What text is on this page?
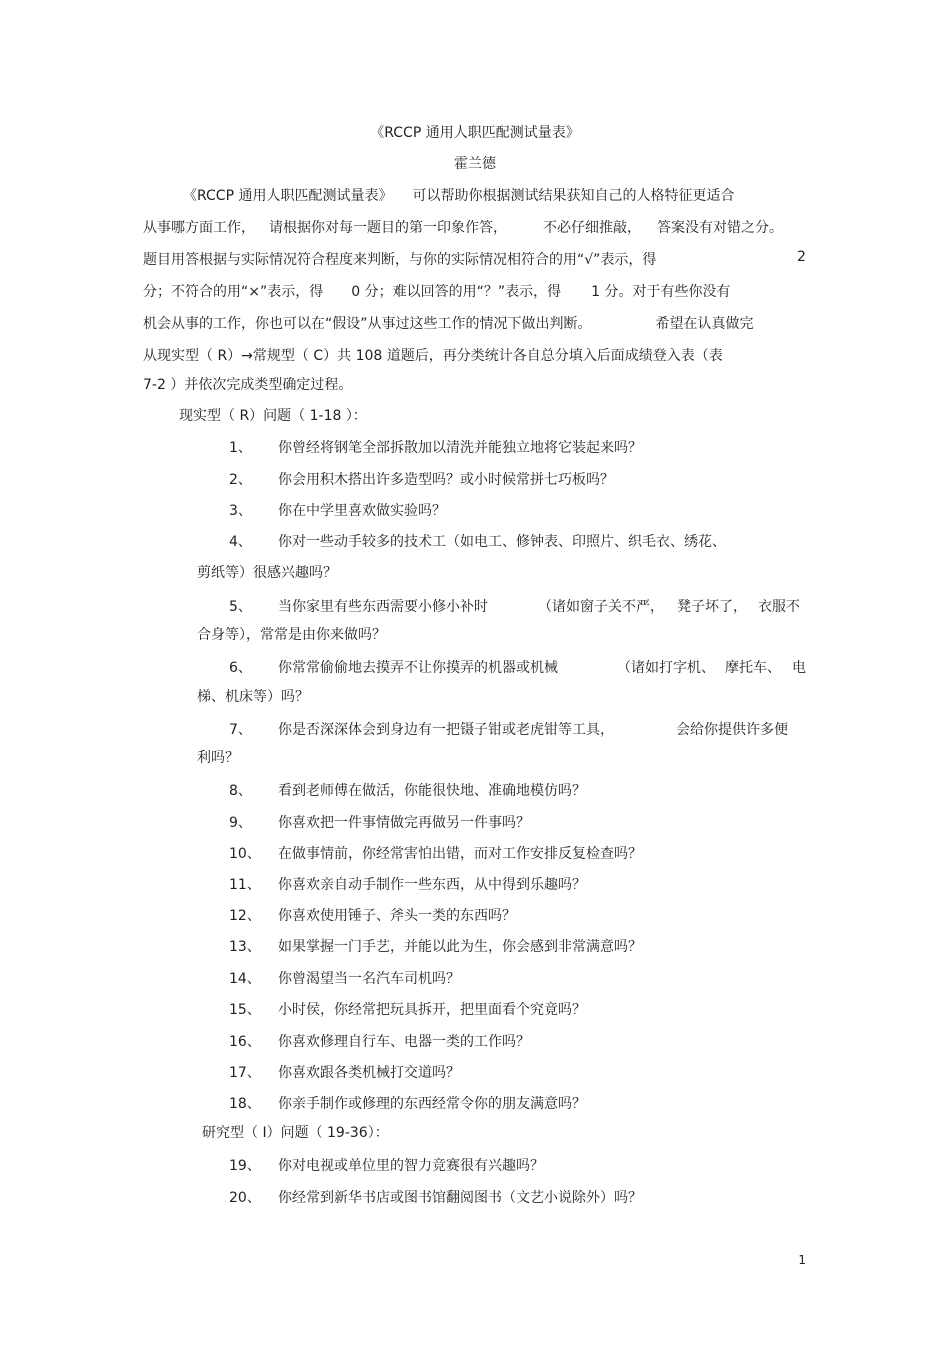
《RCCP 通用人职匹配测试量表》
霍兰德
《RCCP 通用人职匹配测试量表》 可以帮助你根据测试结果获知自己的人格特征更适合
从事哪方面工作， 请根据你对每一题目的第一印象作答，	不必仔细推敲， 答案没有对错之分。
题目用答根据与实际情况符合程度来判断，与你的实际情况相符合的用“√”表示，得	2
分；不符合的用“×”表示，得 0 分；难以回答的用“？”表示，得 1 分。对于有些你没有
机会从事的工作，你也可以在“假设”从事过这些工作的情况下做出判断。	希望在认真做完
从现实型（ R）→常规型（ C）共 108 道题后，再分类统计各自总分填入后面成绩登入表（表
7-2 ）并依次完成类型确定过程。
现实型（ R）问题（ 1-18 ）：
1、 你曾经将钢笔全部拆散加以清洗并能独立地将它装起来吗？
2、 你会用积木搭出许多造型吗？或小时候常拼七巧板吗？
3、 你在中学里喜欢做实验吗？
4、 你对一些动手较多的技术工（如电工、修钟表、印照片、织毛衣、绣花、
剪纸等）很感兴趣吗？
5、 当你家里有些东西需要小修小补时	（诸如窗子关不严， 凳子坏了， 衣服不
合身等），常常是由你来做吗？
6、 你常常偷偷地去摸弄不让你摸弄的机器或机械	（诸如打字机、 摩托车、 电
梯、机床等）吗？
7、 你是否深深体会到身边有一把镊子钳或老虎钳等工具，	会给你提供许多便
利吗？
8、 看到老师傅在做活，你能很快地、准确地模仿吗？
9、 你喜欢把一件事情做完再做另一件事吗？
10、 在做事情前，你经常害怕出错，而对工作安排反复检查吗？
11、 你喜欢亲自动手制作一些东西，从中得到乐趣吗？
12、 你喜欢使用锤子、斧头一类的东西吗？
13、 如果掌握一门手艺，并能以此为生，你会感到非常满意吗？
14、 你曾渴望当一名汽车司机吗？
15、 小时侯，你经常把玩具拆开，把里面看个究竟吗？
16、 你喜欢修理自行车、电器一类的工作吗？
17、 你喜欢跟各类机械打交道吗？
18、 你亲手制作或修理的东西经常令你的朋友满意吗？
研究型（ I）问题（ 19-36）：
19、 你对电视或单位里的智力竞赛很有兴趣吗？
20、 你经常到新华书店或图书馆翻阅图书（文艺小说除外）吗？
1
